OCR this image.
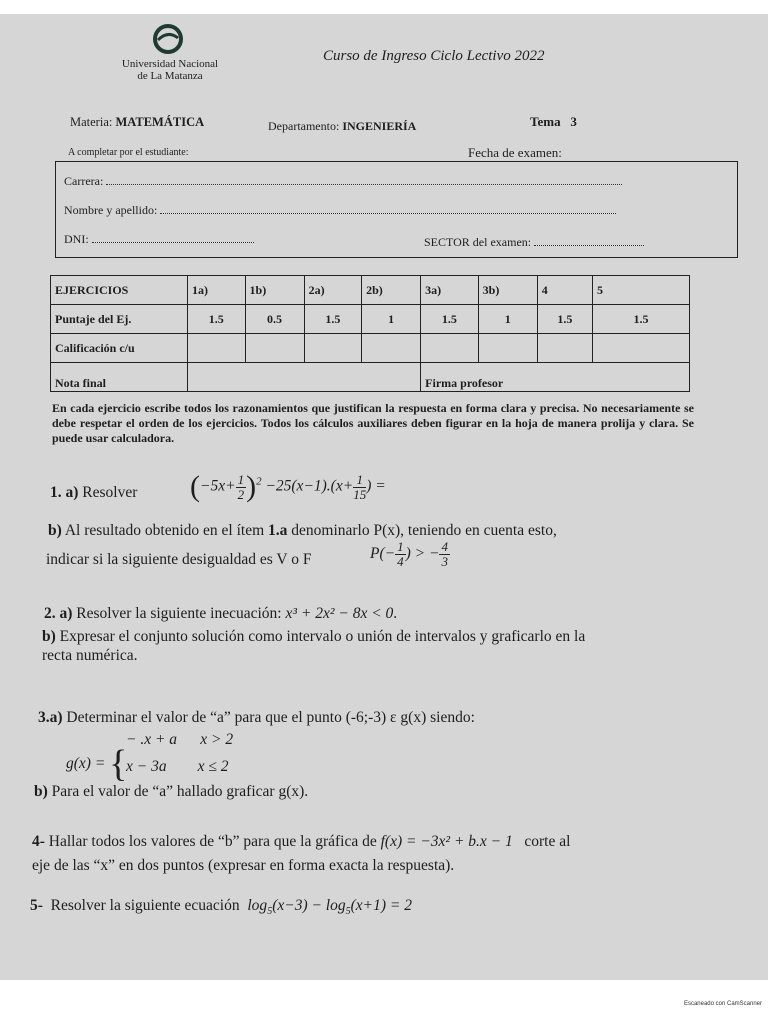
Universidad Nacional
de La Matanza
Curso de Ingreso Ciclo Lectivo 2022
Materia: MATEMÁTICA	Departamento: INGENIERÍA	Tema 3
A completar por el estudiante:	Fecha de examen:
Carrera:
Nombre y apellido:
DNI:	SECTOR del examen:
EJERCICIOS	1a)	1b)	2a)	2b)	3a)	3b)	4	5
Puntaje del Ej.	1.5	0.5	1.5	1	1.5	1	1.5	1.5
Calificación c/u								
Nota final					Firma profesor			
En cada ejercicio escribe todos los razonamientos que justifican la respuesta en forma clara y precisa. No necesariamente se debe respetar el orden de los ejercicios. Todos los cálculos auxiliares deben figurar en la hoja de manera prolija y clara. Se puede usar calculadora.
1. a) Resolver $(-5x+ \frac{1}{2} )^2 -25(x-1).(x+ \frac{1}{15}$ ) =
b) Al resultado obtenido en el ítem 1.a denominarlo P(x), teniendo en cuenta esto,
indicar si la siguiente desigualdad es V o F	$P(- \frac{1}{4}$ ) > − $\frac{4}{3}$
2. a) Resolver la siguiente inecuación: x³ + 2x² − 8x < 0.
b) Expresar el conjunto solución como intervalo o unión de intervalos y graficarlo en la
recta numérica.
3.a) Determinar el valor de “a” para que el punto (-6;-3) ε g(x) siendo:
g(x) = {
− .x + a      x > 2
x − 3a        x ≤ 2
b) Para el valor de “a” hallado graficar g(x).
4- Hallar todos los valores de “b” para que la gráfica de f(x) = −3x² + b.x − 1 corte al
eje de las “x” en dos puntos (expresar en forma exacta la respuesta).
5- Resolver la siguiente ecuación $\log_5(x-3) - \log_5(x+1) = 2$
Escaneado con CamScanner
